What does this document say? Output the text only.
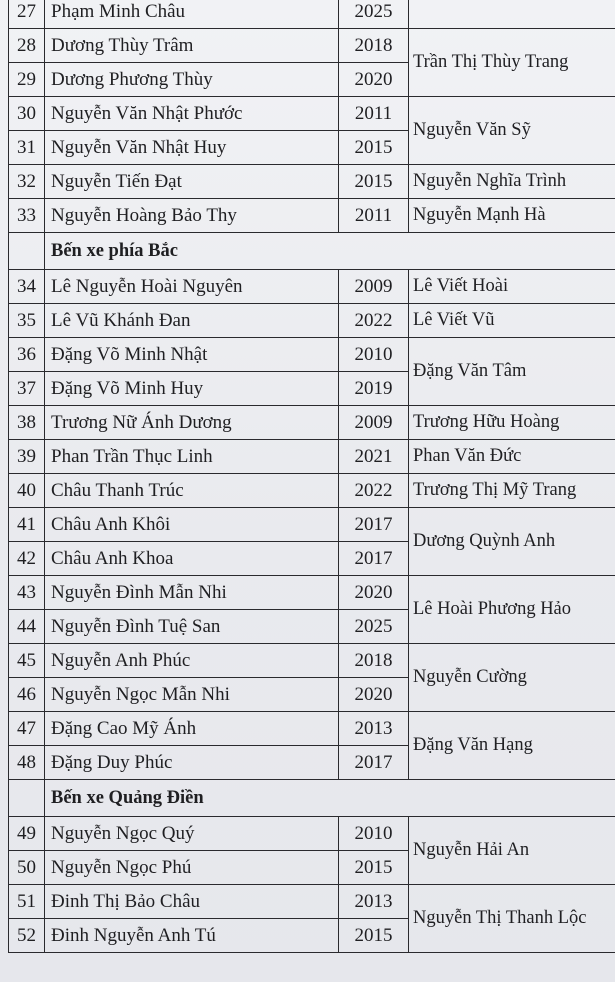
27	Phạm Minh Châu	2025	
28	Dương Thùy Trâm	2018	Trần Thị Thùy Trang
29	Dương Phương Thùy	2020	
30	Nguyễn Văn Nhật Phước	2011	Nguyễn Văn Sỹ
31	Nguyễn Văn Nhật Huy	2015	
32	Nguyễn Tiến Đạt	2015	Nguyễn Nghĩa Trình
33	Nguyễn Hoàng Bảo Thy	2011	Nguyễn Mạnh Hà
	Bến xe phía Bắc		
34	Lê Nguyễn Hoài Nguyên	2009	Lê Viết Hoài
35	Lê Vũ Khánh Đan	2022	Lê Viết Vũ
36	Đặng Võ Minh Nhật	2010	Đặng Văn Tâm
37	Đặng Võ Minh Huy	2019	
38	Trương Nữ Ánh Dương	2009	Trương Hữu Hoàng
39	Phan Trần Thục Linh	2021	Phan Văn Đức
40	Châu Thanh Trúc	2022	Trương Thị Mỹ Trang
41	Châu Anh Khôi	2017	Dương Quỳnh Anh
42	Châu Anh Khoa	2017	
43	Nguyễn Đình Mẫn Nhi	2020	Lê Hoài Phương Hảo
44	Nguyễn Đình Tuệ San	2025	
45	Nguyễn Anh Phúc	2018	Nguyễn Cường
46	Nguyễn Ngọc Mẫn Nhi	2020	
47	Đặng Cao Mỹ Ánh	2013	Đặng Văn Hạng
48	Đặng Duy Phúc	2017	
	Bến xe Quảng Điền		
49	Nguyễn Ngọc Quý	2010	Nguyễn Hải An
50	Nguyễn Ngọc Phú	2015	
51	Đinh Thị Bảo Châu	2013	Nguyễn Thị Thanh Lộc
52	Đinh Nguyễn Anh Tú	2015	
